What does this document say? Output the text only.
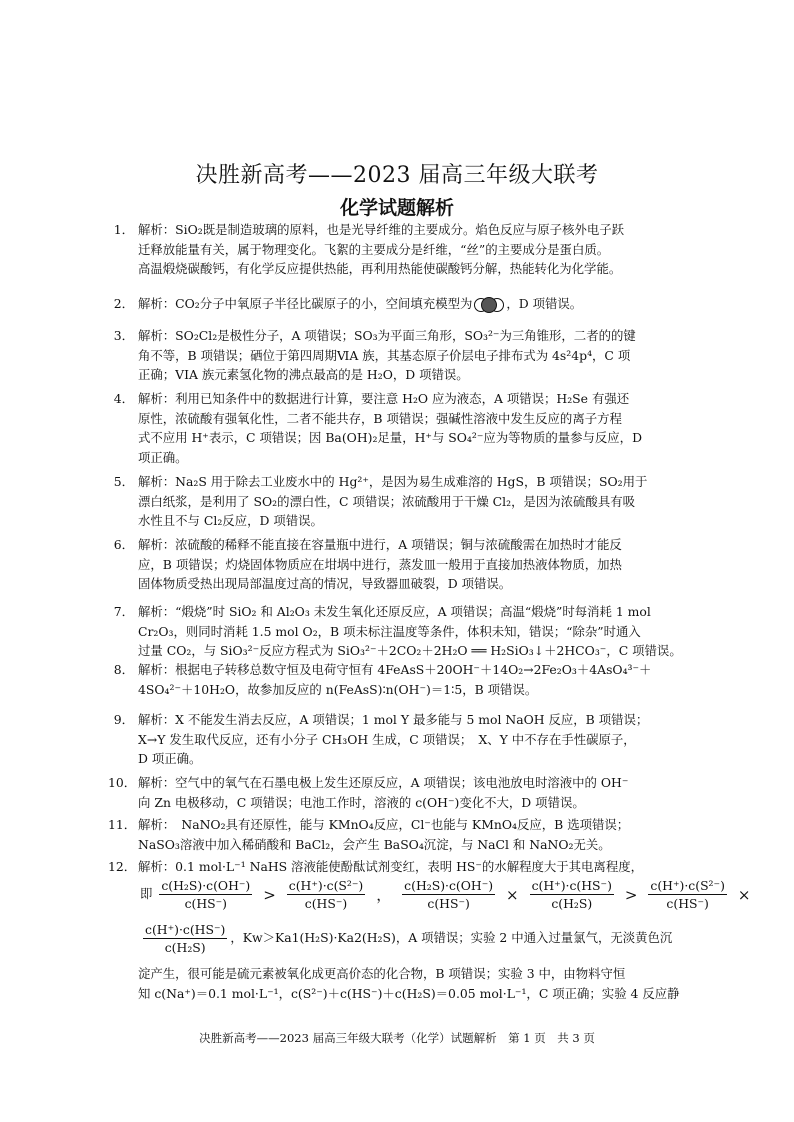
决胜新高考——2023 届高三年级大联考
化学试题解析
1． 解析：SiO₂既是制造玻璃的原料，也是光导纤维的主要成分。焰色反应与原子核外电子跃
迁释放能量有关，属于物理变化。飞絮的主要成分是纤维，“丝”的主要成分是蛋白质。
高温煅烧碳酸钙，有化学反应提供热能，再利用热能使碳酸钙分解，热能转化为化学能。
2． 解析：CO₂分子中氧原子半径比碳原子的小，空间填充模型为	，D 项错误。
3． 解析：SO₂Cl₂是极性分子，A 项错误；SO₃为平面三角形，SO₃²⁻为三角锥形，二者的的键
角不等，B 项错误；硒位于第四周期ⅥA 族，其基态原子价层电子排布式为 4s²4p⁴，C 项
正确；VIA 族元素氢化物的沸点最高的是 H₂O，D 项错误。
4． 解析：利用已知条件中的数据进行计算，要注意 H₂O 应为液态，A 项错误；H₂Se 有强还
原性，浓硫酸有强氧化性，二者不能共存，B 项错误；强碱性溶液中发生反应的离子方程
式不应用 H⁺表示，C 项错误；因 Ba(OH)₂足量，H⁺与 SO₄²⁻应为等物质的量参与反应，D
项正确。
5． 解析：Na₂S 用于除去工业废水中的 Hg²⁺，是因为易生成难溶的 HgS，B 项错误；SO₂用于
漂白纸浆，是利用了 SO₂的漂白性，C 项错误；浓硫酸用于干燥 Cl₂，是因为浓硫酸具有吸
水性且不与 Cl₂反应，D 项错误。
6． 解析：浓硫酸的稀释不能直接在容量瓶中进行，A 项错误；铜与浓硫酸需在加热时才能反
应，B 项错误；灼烧固体物质应在坩埚中进行，蒸发皿一般用于直接加热液体物质，加热
固体物质受热出现局部温度过高的情况，导致器皿破裂，D 项错误。
7． 解析：“煅烧”时 SiO₂ 和 Al₂O₃ 未发生氧化还原反应，A 项错误；高温“煅烧”时每消耗 1 mol
Cr₂O₃，则同时消耗 1.5 mol O₂，B 项未标注温度等条件，体积未知，错误；“除杂”时通入
过量 CO₂，与 SiO₃²⁻反应方程式为 SiO₃²⁻＋2CO₂＋2H₂O ══ H₂SiO₃↓＋2HCO₃⁻，C 项错误。
8． 解析：根据电子转移总数守恒及电荷守恒有 4FeAsS＋20OH⁻＋14O₂→2Fe₂O₃＋4AsO₄³⁻＋
4SO₄²⁻＋10H₂O，故参加反应的 n(FeAsS)∶n(OH⁻)＝1∶5，B 项错误。
9． 解析：X 不能发生消去反应，A 项错误；1 mol Y 最多能与 5 mol NaOH 反应，B 项错误；
X→Y 发生取代反应，还有小分子 CH₃OH 生成，C 项错误；　X、Y 中不存在手性碳原子，
D 项正确。
10． 解析：空气中的氧气在石墨电极上发生还原反应，A 项错误；该电池放电时溶液中的 OH⁻
向 Zn 电极移动，C 项错误；电池工作时，溶液的 c(OH⁻)变化不大，D 项错误。
11． 解析：　NaNO₂具有还原性，能与 KMnO₄反应，Cl⁻也能与 KMnO₄反应，B 选项错误；
NaSO₃溶液中加入稀硝酸和 BaCl₂，会产生 BaSO₄沉淀，与 NaCl 和 NaNO₂无关。
12． 解析：0.1 mol·L⁻¹ NaHS 溶液能使酚酞试剂变红，表明 HS⁻的水解程度大于其电离程度，
即 $\frac{\text{c(H₂S)·c(OH⁻)}}{c(HS^-)} > \frac{\text{c(H⁺)·c(S²⁻)}}{c(HS^-)}$ ， $\frac{\text{c(H₂S)·c(OH⁻)}}{c(HS^-)} \times \frac{c(H^+)\cdot c(HS^-)}{\text{c(H₂S)}} > \frac{\text{c(H⁺)·c(S²⁻)}}{c(HS^-)}$ ×
$\frac{c(H^+)\cdot c(HS^-)}{\text{c(H₂S)}}$ ，Kw＞Ka1(H₂S)·Ka2(H₂S)，A 项错误；实验 2 中通入过量氯气，无淡黄色沉
淀产生，很可能是硫元素被氧化成更高价态的化合物，B 项错误；实验 3 中，由物料守恒
知 c(Na⁺)＝0.1 mol·L⁻¹，c(S²⁻)＋c(HS⁻)＋c(H₂S)＝0.05 mol·L⁻¹，C 项正确；实验 4 反应静
决胜新高考——2023 届高三年级大联考（化学）试题解析　第 1 页　共 3 页
